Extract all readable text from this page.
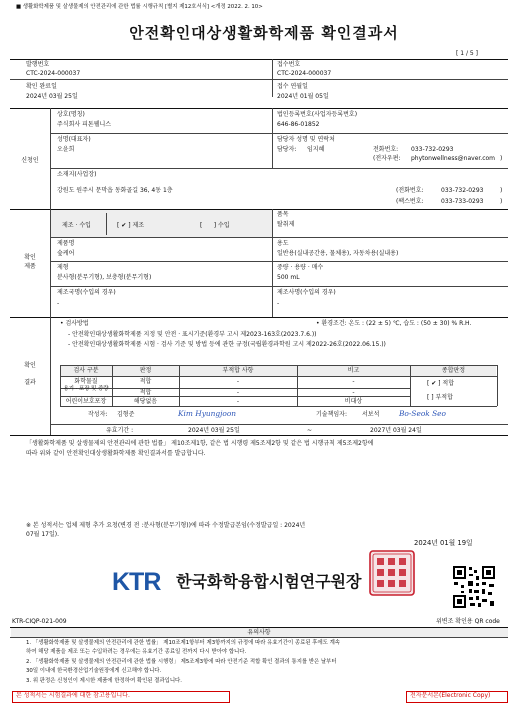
■ 생활화학제품 및 살생물제의 안전관리에 관한 법률 시행규칙 [별지 제12호서식] <개정 2022. 2. 10>
안전확인대상생활화학제품 확인결과서
[ 1 / 5 ]
발행번호
CTC-2024-000037
접수번호
CTC-2024-000037
확인 완료일
2024년 03월 25일
접수 연월일
2024년 01월 05일
신청인
상호(명칭)
주식회사 피톤웰니스
법인등록번호(사업자등록번호)
646-86-01852
성명(대표자)
오윤희
담당자 성명 및 연락처
담당자: 임지혜	전화번호: 033-732-0293
(전자우편: phytonwellness@naver.com )
소재지(사업장)
강원도 원주시 문막읍 동화골길 36, 4동 1층	(전화번호:	033-732-0293	)
(팩스번호:	033-733-0293	)
확인
제품
제조 · 수입	[ ✔ ] 제조	[      ] 수입
품목
탈취제
제품명
숲케어
용도
일반용(실내공간용, 물체용), 자동차용(실내용)
제형
분사형(분무기형), 보충형(분무기형)
중량 · 용량 · 매수
500 mL
제조국명(수입의 경우)
-
제조사명(수입의 경우)
-
확인
결과
• 검사방법	• 환경조건: 온도 : (22 ± 5) ℃, 습도 : (50 ± 30) % R.H.
- 안전확인대상생활화학제품 지정 및 안전 · 표시기준(환경부 고시 제2023-163호(2023.7.6.))
- 안전확인대상생활화학제품 시험 · 검사 기준 및 방법 등에 관한 규정(국립환경과학원 고시 제2022-26호(2022.06.15.))
검사 구분	판정	부적합 사항	비고	종합판정
화학물질	적합	-	-
용기 · 포장 및 중량	적합	-	-
어린이보호포장	해당없음	-	비대상
[ ✔ ] 적합
[ ] 부적합
작성자: 김형준	Kim Hyungjoon	기술책임자: 서보석	Bo-Seok Seo
유효기간 :	2024년 03월 25일	~	2027년 03월 24일
「생활화학제품 및 살생물제의 안전관리에 관한 법률」 제10조제1항, 같은 법 시행령 제5조제2항 및 같은 법 시행규칙 제5조제2항에
따라 위와 같이 안전확인대상생활화학제품 확인결과서를 발급합니다.
※ 본 성적서는 업체 제형 추가 요청(변경 전 :분사형(분무기형))에 따라 수정발급본임(수정발급일 : 2024년
07월 17일).
2024년 01월 19일
KTR 한국화학융합시험연구원장
KTR-CIQP-021-009	위변조 확인용 QR code
유의사항
1. 「생활화학제품 및 살생물제의 안전관리에 관한 법률」 제10조제1항부터 제3항까지의 규정에 따라 유효기간이 종료된 후에도 계속
하여 해당 제품을 제조 또는 수입하려는 경우에는 유효기간 종료일 전까지 다시 받아야 합니다.
2. 「생활화학제품 및 살생물제의 안전관리에 관한 법률 시행령」 제5조제3항에 따라 안전기준 적합 확인 결과의 통지를 받은 날부터
30일 이내에 한국환경산업기술원장에게 신고해야 합니다.
3. 위 판정은 신청인이 제시한 제품에 한정하여 확인된 결과입니다.
본 성적서는 시험결과에 대한 참고용입니다.	전자문서본(Electronic Copy)
